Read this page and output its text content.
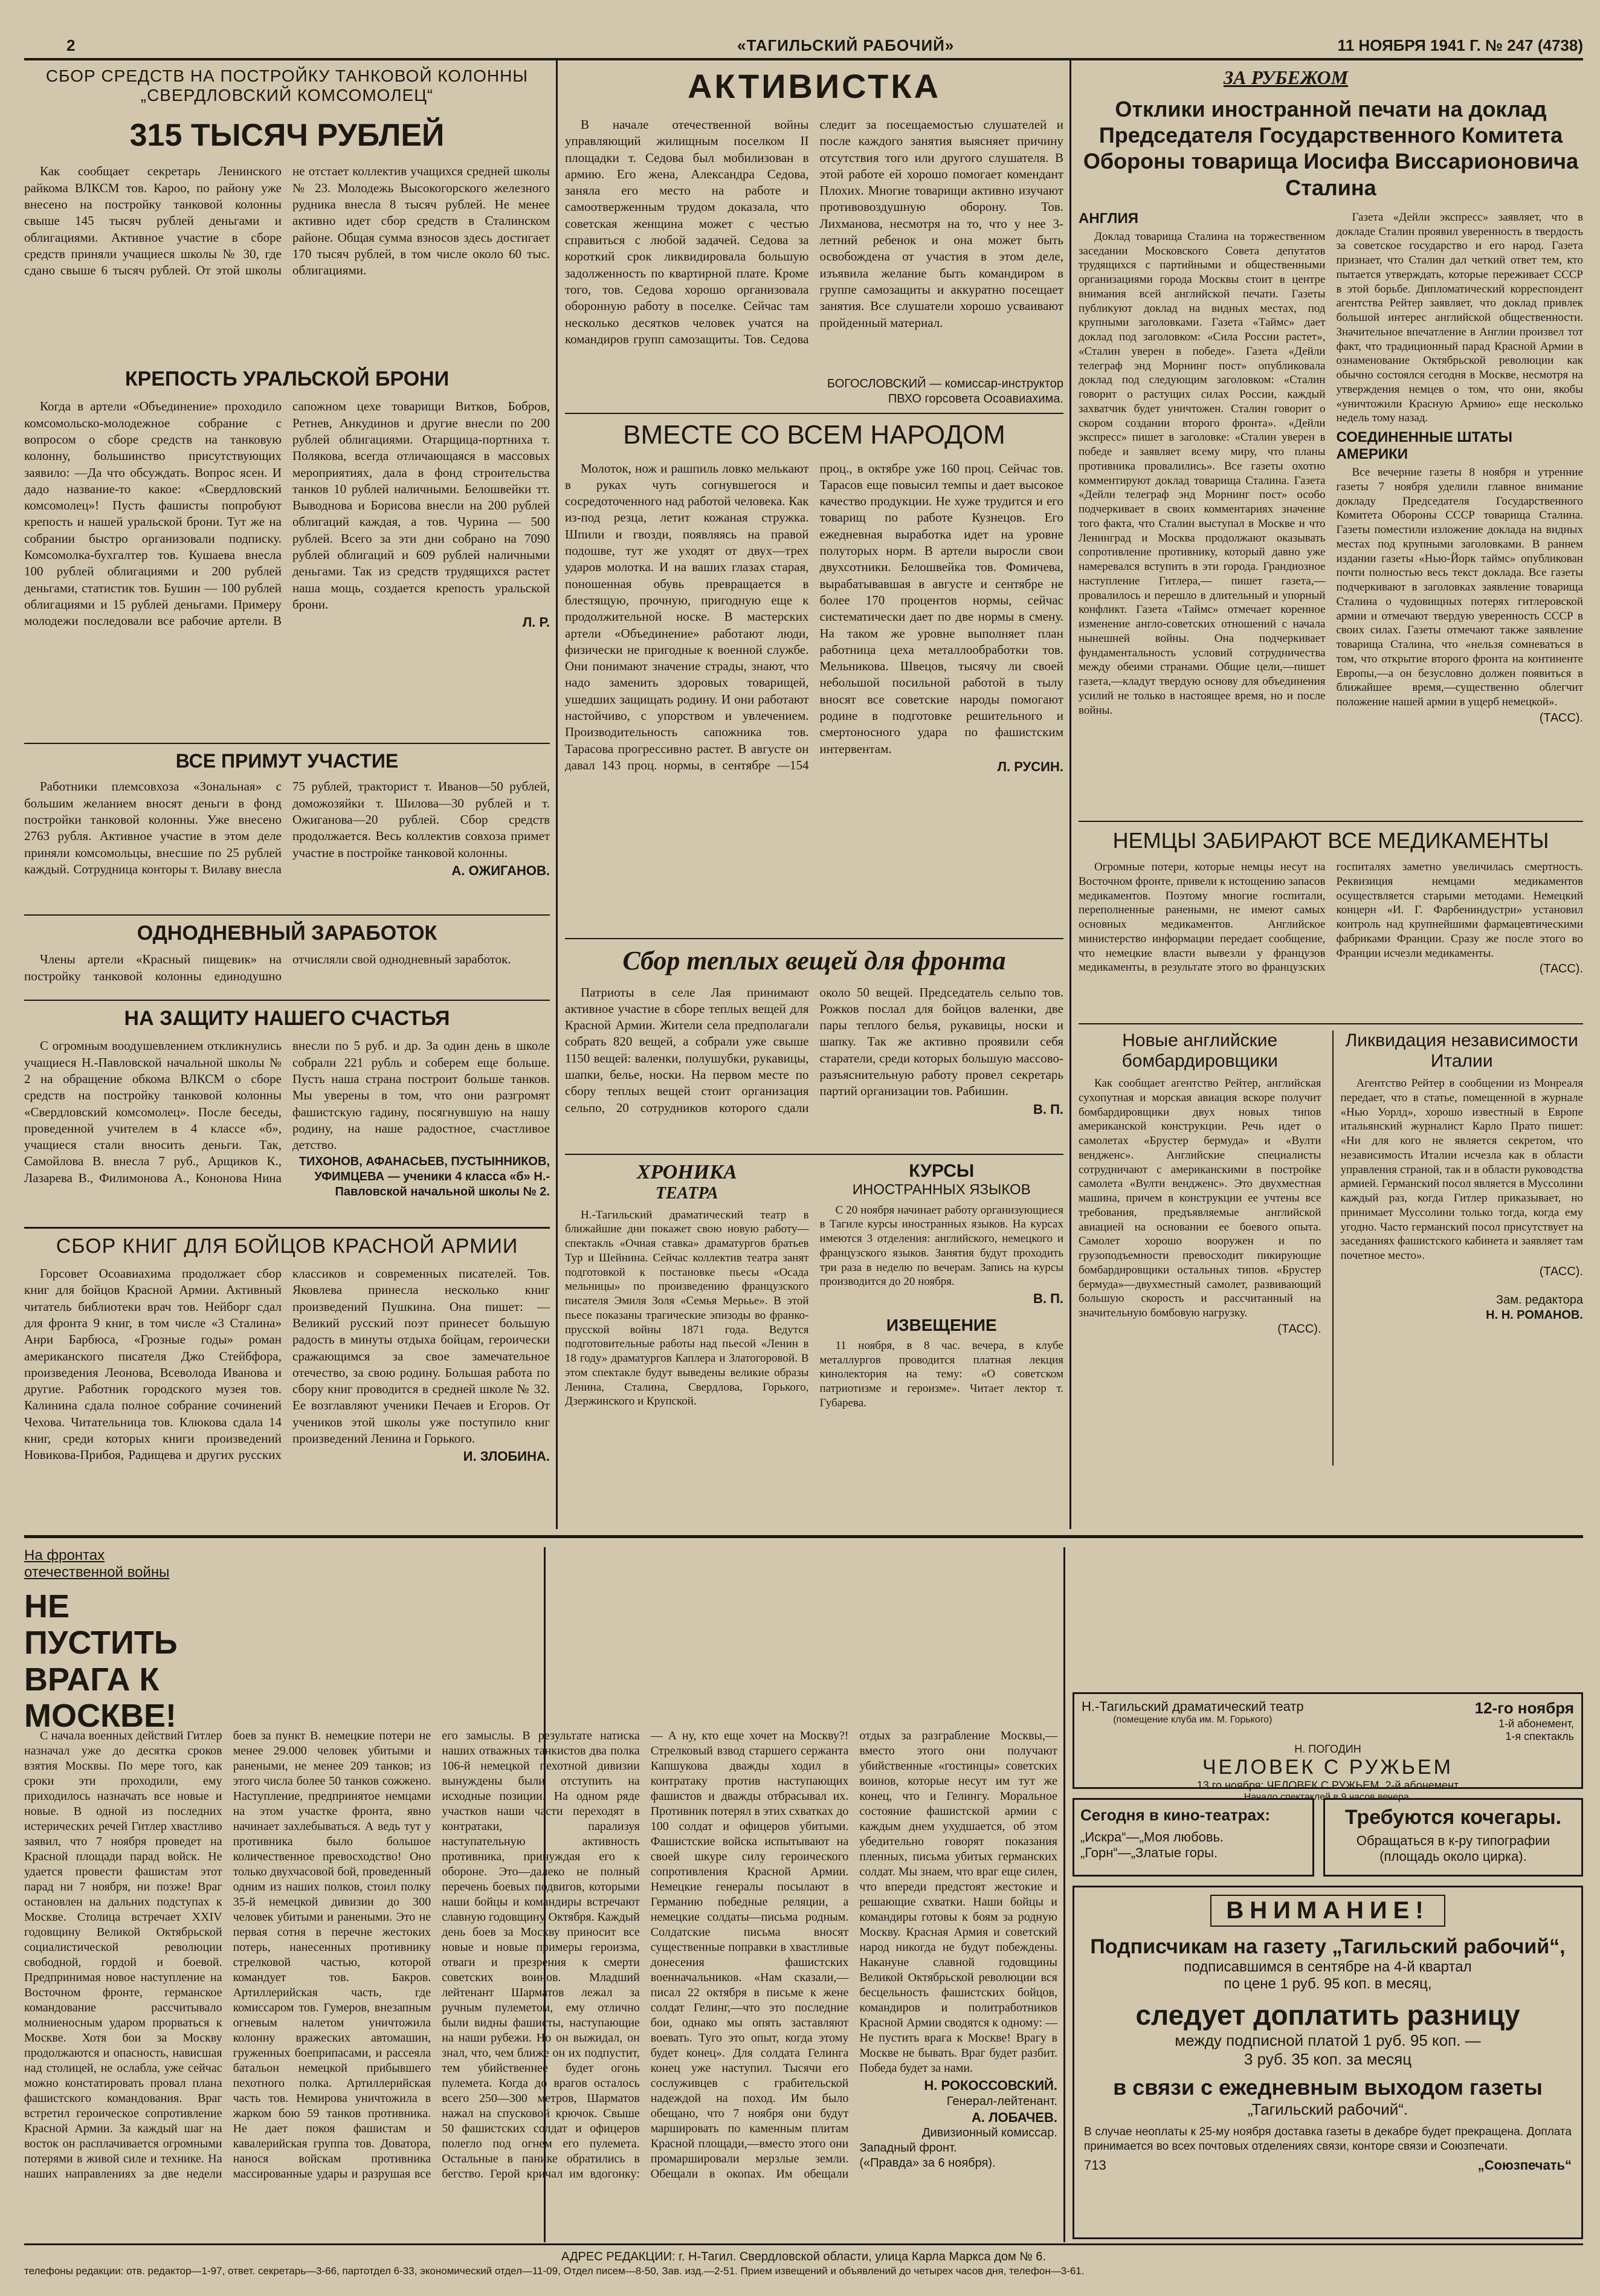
2	«ТАГИЛЬСКИЙ РАБОЧИЙ»	11 НОЯБРЯ 1941 Г. № 247 (4738)
СБОР СРЕДСТВ НА ПОСТРОЙКУ ТАНКОВОЙ КОЛОННЫ „СВЕРДЛОВСКИЙ КОМСОМОЛЕЦ“
315 ТЫСЯЧ РУБЛЕЙ

Как сообщает секретарь Ленинского райкома ВЛКСМ тов. Кароо, по району уже внесено на постройку танковой колонны свыше 145 тысяч рублей деньгами и облигациями. Активное участие в сборе средств приняли учащиеся школы № 30, где сдано свыше 6 тысяч рублей. От этой школы не отстает коллектив учащихся средней школы № 23. Молодежь Высокогорского железного рудника внесла 8 тысяч рублей. Не менее активно идет сбор средств в Сталинском районе. Общая сумма взносов здесь достигает 170 тысяч рублей, в том числе около 60 тыс. облигациями.

КРЕПОСТЬ УРАЛЬСКОЙ БРОНИ

Когда в артели «Объединение» проходило комсомольско-молодежное собрание с вопросом о сборе средств на танковую колонну, большинство присутствующих заявило: —Да что обсуждать. Вопрос ясен. И дадо название-то какое: «Свердловский комсомолец»! Пусть фашисты попробуют крепость и нашей уральской брони. Тут же на собрании быстро организовали подписку. Комсомолка-бухгалтер тов. Кушаева внесла 100 рублей облигациями и 200 рублей деньгами, статистик тов. Бушин — 100 рублей облигациями и 15 рублей деньгами. Примеру молодежи последовали все рабочие артели. В сапожном цехе товарищи Витков, Бобров, Ретнев, Анкудинов и другие внесли по 200 рублей облигациями. Отарщица-портниха т. Полякова, всегда отличающаяся в массовых мероприятиях, дала в фонд строительства танков 10 рублей наличными. Белошвейки тт. Выводнова и Борисова внесли на 200 рублей облигаций каждая, а тов. Чурина — 500 рублей. Всего за эти дни собрано на 7090 рублей облигаций и 609 рублей наличными деньгами. Так из средств трудящихся растет наша мощь, создается крепость уральской брони.

Л. Р.
ВСЕ ПРИМУТ УЧАСТИЕ

Работники племсовхоза «Зональная» с большим желанием вносят деньги в фонд постройки танковой колонны. Уже внесено 2763 рубля. Активное участие в этом деле приняли комсомольцы, внесшие по 25 рублей каждый. Сотрудница конторы т. Вилаву внесла 75 рублей, тракторист т. Иванов—50 рублей, доможозяйки т. Шилова—30 рублей и т. Ожиганова—20 рублей. Сбор средств продолжается. Весь коллектив совхоза примет участие в постройке танковой колонны.

А. ОЖИГАНОВ.
ОДНОДНЕВНЫЙ ЗАРАБОТОК

Члены артели «Красный пищевик» на постройку танковой колонны единодушно отчисляли свой однодневный заработок.

НА ЗАЩИТУ НАШЕГО СЧАСТЬЯ

С огромным воодушевлением откликнулись учащиеся Н.-Павловской начальной школы № 2 на обращение обкома ВЛКСМ о сборе средств на постройку танковой колонны «Свердловский комсомолец». После беседы, проведенной учителем в 4 классе «б», учащиеся стали вносить деньги. Так, Самойлова В. внесла 7 руб., Арщиков К., Лазарева В., Филимонова А., Кононова Нина внесли по 5 руб. и др. За один день в школе собрали 221 рубль и соберем еще больше. Пусть наша страна построит больше танков. Мы уверены в том, что они разгромят фашистскую гадину, посягнувшую на нашу родину, на наше радостное, счастливое детство.

ТИХОНОВ, АФАНАСЬЕВ, ПУСТЫННИКОВ, УФИМЦЕВА — ученики 4 класса «б» Н.-Павловской начальной школы № 2.
СБОР КНИГ ДЛЯ БОЙЦОВ КРАСНОЙ АРМИИ

Горсовет Осоавиахима продолжает сбор книг для бойцов Красной Армии. Активный читатель библиотеки врач тов. Нейборг сдал для фронта 9 книг, в том числе «3 Сталина» Анри Барбюса, «Грозные годы» роман американского писателя Джо Стейбфора, произведения Леонова, Всеволода Иванова и другие. Работник городского музея тов. Калинина сдала полное собрание сочинений Чехова. Читательница тов. Клюкова сдала 14 книг, среди которых книги произведений Новикова-Прибоя, Радищева и других русских классиков и современных писателей. Тов. Яковлева принесла несколько книг произведений Пушкина. Она пишет: — Великий русский поэт принесет большую радость в минуты отдыха бойцам, героически сражающимся за свое замечательное отечество, за свою родину. Большая работа по сбору книг проводится в средней школе № 32. Ее возглавляют ученики Печаев и Егоров. От учеников этой школы уже поступило книг произведений Ленина и Горького.

И. ЗЛОБИНА.
АКТИВИСТКА

В начале отечественной войны управляющий жилищным поселком II площадки т. Седова был мобилизован в армию. Его жена, Александра Седова, заняла его место на работе и самоотверженным трудом доказала, что советская женщина может с честью справиться с любой задачей. Седова за короткий срок ликвидировала большую задолженность по квартирной плате. Кроме того, тов. Седова хорошо организовала оборонную работу в поселке. Сейчас там несколько десятков человек учатся на командиров групп самозащиты. Тов. Седова следит за посещаемостью слушателей и после каждого занятия выясняет причину отсутствия того или другого слушателя. В этой работе ей хорошо помогает комендант Плохих. Многие товарищи активно изучают противовоздушную оборону. Тов. Лихманова, несмотря на то, что у нее 3-летний ребенок и она может быть освобождена от участия в этом деле, изъявила желание быть командиром в группе самозащиты и аккуратно посещает занятия. Все слушатели хорошо усваивают пройденный материал.

БОГОСЛОВСКИЙ — комиссар-инструктор ПВХО горсовета Осоавиахима.
ВМЕСТЕ СО ВСЕМ НАРОДОМ

Молоток, нож и рашпиль ловко мелькают в руках чуть согнувшегося и сосредоточенного над работой человека. Как из-под резца, летит кожаная стружка. Шпили и гвозди, появляясь на правой подошве, тут же уходят от двух—трех ударов молотка. И на ваших глазах старая, поношенная обувь превращается в блестящую, прочную, пригодную еще к продолжительной носке. В мастерских артели «Объединение» работают люди, физически не пригодные к военной службе. Они понимают значение страды, знают, что надо заменить здоровых товарищей, ушедших защищать родину. И они работают настойчиво, с упорством и увлечением. Производительность сапожника тов. Тарасова прогрессивно растет. В августе он давал 143 проц. нормы, в сентябре —154 проц., в октябре уже 160 проц. Сейчас тов. Тарасов еще повысил темпы и дает высокое качество продукции. Не хуже трудится и его товарищ по работе Кузнецов. Его ежедневная выработка идет на уровне полуторых норм. В артели выросли свои двухсотники. Белошвейка тов. Фомичева, вырабатывавшая в августе и сентябре не более 170 процентов нормы, сейчас систематически дает по две нормы в смену. На таком же уровне выполняет план работница цеха металлообработки тов. Мельникова. Швецов, тысячу ли своей небольшой посильной работой в тылу вносят все советские народы помогают родине в подготовке решительного и смертоносного удара по фашистским интервентам.

Л. РУСИН.
Сбор теплых вещей для фронта

Патриоты в селе Лая принимают активное участие в сборе теплых вещей для Красной Армии. Жители села предполагали собрать 820 вещей, а собрали уже свыше 1150 вещей: валенки, полушубки, рукавицы, шапки, белье, носки. На первом месте по сбору теплых вещей стоит организация сельпо, 20 сотрудников которого сдали около 50 вещей. Председатель сельпо тов. Рожков послал для бойцов валенки, две пары теплого белья, рукавицы, носки и шапку. Так же активно проявили себя старатели, среди которых большую массово-разъяснительную работу провел секретарь партий организации тов. Рабишин.

В. П.
ХРОНИКА
ТЕАТРА

Н.-Тагильский драматический театр в ближайшие дни покажет свою новую работу—спектакль «Очная ставка» драматургов братьев Тур и Шейнина. Сейчас коллектив театра занят подготовкой к постановке пьесы «Осада мельницы» по произведению французского писателя Эмиля Золя «Семья Мерьье». В этой пьесе показаны трагические эпизоды во франко-прусской войны 1871 года. Ведутся подготовительные работы над пьесой «Ленин в 18 году» драматургов Каплера и Златогоровой. В этом спектакле будут выведены великие образы Ленина, Сталина, Свердлова, Горького, Дзержинского и Крупской.

КУРСЫ
ИНОСТРАННЫХ ЯЗЫКОВ

С 20 ноября начинает работу организующиеся в Тагиле курсы иностранных языков. На курсах имеются 3 отделения: английского, немецкого и французского языков. Занятия будут проходить три раза в неделю по вечерам. Запись на курсы производится до 20 ноября.

В. П.
ИЗВЕЩЕНИЕ

11 ноября, в 8 час. вечера, в клубе металлургов проводится платная лекция кинолектория на тему: «О советском патриотизме и героизме». Читает лектор т. Губарева.

ЗА РУБЕЖОМ
Отклики иностранной печати на доклад Председателя Государственного Комитета Обороны товарища Иосифа Виссарионовича Сталина
АНГЛИЯ

Доклад товарища Сталина на торжественном заседании Московского Совета депутатов трудящихся с партийными и общественными организациями города Москвы стоит в центре внимания всей английской печати. Газеты публикуют доклад на видных местах, под крупными заголовками. Газета «Таймс» дает доклад под заголовком: «Сила России растет», «Сталин уверен в победе». Газета «Дейли телеграф энд Морнинг пост» опубликовала доклад под следующим заголовком: «Сталин говорит о растущих силах России, каждый захватчик будет уничтожен. Сталин говорит о скором создании второго фронта». «Дейли экспресс» пишет в заголовке: «Сталин уверен в победе и заявляет всему миру, что планы противника провалились». Все газеты охотно комментируют доклад товарища Сталина. Газета «Дейли телеграф энд Морнинг пост» особо подчеркивает в своих комментариях значение того факта, что Сталин выступал в Москве и что Ленинград и Москва продолжают оказывать сопротивление противнику, который давно уже намеревался вступить в эти города. Грандиозное наступление Гитлера,— пишет газета,—провалилось и перешло в длительный и упорный конфликт. Газета «Таймс» отмечает коренное изменение англо-советских отношений с начала нынешней войны. Она подчеркивает фундаментальность условий сотрудничества между обеими странами. Общие цели,—пишет газета,—кладут твердую основу для объединения усилий не только в настоящее время, но и после войны.

Газета «Дейли экспресс» заявляет, что в докладе Сталин проявил уверенность в твердость за советское государство и его народ. Газета признает, что Сталин дал четкий ответ тем, кто пытается утверждать, которые переживает СССР в этой борьбе. Дипломатический корреспондент агентства Рейтер заявляет, что доклад привлек большой интерес английской общественности. Значительное впечатление в Англии произвел тот факт, что традиционный парад Красной Армии в ознаменование Октябрьской революции как обычно состоялся сегодня в Москве, несмотря на утверждения немцев о том, что они, якобы «уничтожили Красную Армию» еще несколько недель тому назад.

СОЕДИНЕННЫЕ ШТАТЫ АМЕРИКИ

Все вечерние газеты 8 ноября и утренние газеты 7 ноября уделили главное внимание докладу Председателя Государственного Комитета Обороны СССР товарища Сталина. Газеты поместили изложение доклада на видных местах под крупными заголовками. В раннем издании газеты «Нью-Йорк таймс» опубликован почти полностью весь текст доклада. Все газеты подчеркивают в заголовках заявление товарища Сталина о чудовищных потерях гитлеровской армии и отмечают твердую уверенность СССР в своих силах. Газеты отмечают также заявление товарища Сталина, что «нельзя сомневаться в том, что открытие второго фронта на континенте Европы,—а он безусловно должен появиться в ближайшее время,—существенно облегчит положение нашей армии в ущерб немецкой».

(ТАСС).
НЕМЦЫ ЗАБИРАЮТ ВСЕ МЕДИКАМЕНТЫ

Огромные потери, которые немцы несут на Восточном фронте, привели к истощению запасов медикаментов. Поэтому многие госпитали, переполненные ранеными, не имеют самых основных медикаментов. Английское министерство информации передает сообщение, что немецкие власти вывезли у французов медикаменты, в результате этого во французских госпиталях заметно увеличилась смертность. Реквизиция немцами медикаментов осуществляется старыми методами. Немецкий концерн «И. Г. Фарбениндустри» установил контроль над крупнейшими фармацевтическими фабриками Франции. Сразу же после этого во Франции исчезли медикаменты.

(ТАСС).
Новые английские бомбардировщики

Как сообщает агентство Рейтер, английская сухопутная и морская авиация вскоре получит бомбардировщики двух новых типов американской конструкции. Речь идет о самолетах «Брустер бермуда» и «Вулти вендженс». Английские специалисты сотрудничают с американскими в постройке самолета «Вулти вендженс». Это двухместная машина, причем в конструкции ее учтены все требования, предъявляемые английской авиацией на основании ее боевого опыта. Самолет хорошо вооружен и по грузоподъемности превосходит пикирующие бомбардировщики остальных типов. «Брустер бермуда»—двухместный самолет, развивающий большую скорость и рассчитанный на значительную бомбовую нагрузку.

(ТАСС).
Ликвидация независимости Италии

Агентство Рейтер в сообщении из Монреаля передает, что в статье, помещенной в журнале «Нью Уорлд», хорошо известный в Европе итальянский журналист Карло Прато пишет: «Ни для кого не является секретом, что независимость Италии исчезла как в области управления страной, так и в области руководства армией. Германский посол является в Муссолини каждый раз, когда Гитлер приказывает, но принимает Муссолини только тогда, когда ему угодно. Часто германский посол присутствует на заседаниях фашистского кабинета и заявляет там почетное место».

(ТАСС).
Зам. редактора
Н. Н. РОМАНОВ.
На фронтах
отечественной войны
НЕ ПУСТИТЬ ВРАГА К МОСКВЕ!

С начала военных действий Гитлер назначал уже до десятка сроков взятия Москвы. По мере того, как сроки эти проходили, ему приходилось назначать все новые и новые. В одной из последних истерических речей Гитлер хвастливо заявил, что 7 ноября проведет на Красной площади парад войск. Не удается провести фашистам этот парад ни 7 ноября, ни позже! Враг остановлен на дальних подступах к Москве. Столица встречает XXIV годовщину Великой Октябрьской социалистической революции свободной, гордой и боевой. Предпринимая новое наступление на Восточном фронте, германское командование рассчитывало молниеносным ударом прорваться к Москве. Хотя бои за Москву продолжаются и опасность, нависшая над столицей, не ослабла, уже сейчас можно констатировать провал плана фашистского командования. Враг встретил героическое сопротивление Красной Армии. За каждый шаг на восток он расплачивается огромными потерями в живой силе и технике. На наших направлениях за две недели боев за пункт В. немецкие потери не менее 29.000 человек убитыми и ранеными, не менее 209 танков; из этого числа более 50 танков сожжено. Наступление, предпринятое немцами на этом участке фронта, явно начинает захлебываться. А ведь тут у противника было большое количественное превосходство! Оно только двухчасовой бой, проведенный одним из наших полков, стоил полку 35-й немецкой дивизии до 300 человек убитыми и ранеными. Это не первая сотня в перечне жестоких потерь, нанесенных противнику стрелковой частью, которой командует тов. Бакров. Артиллерийская часть, где комиссаром тов. Гумеров, внезапным огневым налетом уничтожила колонну вражеских автомашин, груженных боеприпасами, и рассеяла батальон немецкой прибывшего пехотного полка. Артиллерийская часть тов. Немирова уничтожила в жарком бою 59 танков противника. Не дает покоя фашистам и кавалерийская группа тов. Доватора, нанося войскам противника массированные удары и разрушая все его замыслы. В результате натиска наших отважных танкистов два полка 106-й немецкой пехотной дивизии вынуждены были отступить на исходные позиции. На одном ряде участков наши части переходят в контратаки, парализуя наступательную активность противника, принуждая его к обороне. Это—далеко не полный перечень боевых подвигов, которыми наши бойцы и командиры встречают славную годовщину Октября. Каждый день боев за Москву приносит все новые и новые примеры героизма, отваги и презрения к смерти советских воинов. Младший лейтенант Шарматов лежал за ручным пулеметом, ему отлично были видны фашисты, наступающие на наши рубежи. Но он выжидал, он знал, что, чем ближе он их подпустит, тем убийственнее будет огонь пулемета. Когда до врагов осталось всего 250—300 метров, Шарматов нажал на спусковой крючок. Свыше 50 фашистских солдат и офицеров полегло под огнем его пулемета. Остальные в панике обратились в бегство. Герой кричал им вдогонку: — А ну, кто еще хочет на Москву?! Стрелковый взвод старшего сержанта Капшукова дважды ходил в контратаку против наступающих фашистов и дважды отбрасывал их. Противник потерял в этих схватках до 100 солдат и офицеров убитыми. Фашистские войска испытывают на своей шкуре силу героического сопротивления Красной Армии. Немецкие генералы посылают в Германию победные реляции, а немецкие солдаты—письма родным. Солдатские письма вносят существенные поправки в хвастливые донесения фашистских военначальников. «Нам сказали,— писал 22 октября в письме к жене солдат Гелинг,—что это последние бои, однако мы опять заставляют воевать. Туго это опыт, когда этому будет конец». Для солдата Гелинга конец уже наступил. Тысячи его сослуживцев с грабительской надеждой на поход. Им было обещано, что 7 ноября они будут маршировать по каменным плитам Красной площади,—вместо этого они промаршировали мерзлые земли. Обещали в окопах. Им обещали отдых за разграбление Москвы,—вместо этого они получают убийственные «гостинцы» советских воинов, которые несут им тут же конец, что и Гелингу. Моральное состояние фашистской армии с каждым днем ухудшается, об этом убедительно говорят показания пленных, письма убитых германских солдат. Мы знаем, что враг еще силен, что впереди предстоят жестокие и решающие схватки. Наши бойцы и командиры готовы к боям за родную Москву. Красная Армия и советский народ никогда не будут побеждены. Накануне славной годовщины Великой Октябрьской революции вся бесцельность фашистских бойцов, командиров и политработников Красной Армии сводятся к одному: — Не пустить врага к Москве! Врагу в Москве не бывать. Враг будет разбит. Победа будет за нами.

Н. РОКОССОВСКИЙ.
Генерал-лейтенант.
А. ЛОБАЧЕВ.
Дивизионный комиссар.
Западный фронт.
(«Правда» за 6 ноября).
Н.-Тагильский драматический театр
(помещение клуба им. М. Горького)
12-го ноября
1-й абонемент,
1-я спектакль
Н. ПОГОДИН
ЧЕЛОВЕК С РУЖЬЕМ
13 го ноября: ЧЕЛОВЕК С РУЖЬЕМ. 2-й абонемент
Начало спектаклей в 9 часов вечера.
Сегодня в кино-театрах:
„Искра“—„Моя любовь.
„Горн“—„Златые горы.
Требуются кочегары.
Обращаться в к-ру типографии
(площадь около цирка).
ВНИМАНИЕ!
Подписчикам на газету „Тагильский рабочий“,
подписавшимся в сентябре на 4-й квартал
по цене 1 руб. 95 коп. в месяц,
следует доплатить разницу
между подписной платой 1 руб. 95 коп. —
3 руб. 35 коп. за месяц
в связи с ежедневным выходом газеты
„Тагильский рабочий“.
В случае неоплаты к 25-му ноября доставка газеты в декабре будет прекращена. Доплата принимается во всех почтовых отделениях связи, конторе связи и Союзпечати.
713	„Союзпечать“
АДРЕС РЕДАКЦИИ: г. Н-Тагил. Свердловской области, улица Карла Маркса дом № 6.
телефоны редакции: отв. редактор—1-97, ответ. секретарь—3-66, партотдел 6-33, экономический отдел—11-09, Отдел писем—8-50, Зав. изд.—2-51. Прием извещений и объявлений до четырех часов дня, телефон—3-61.
